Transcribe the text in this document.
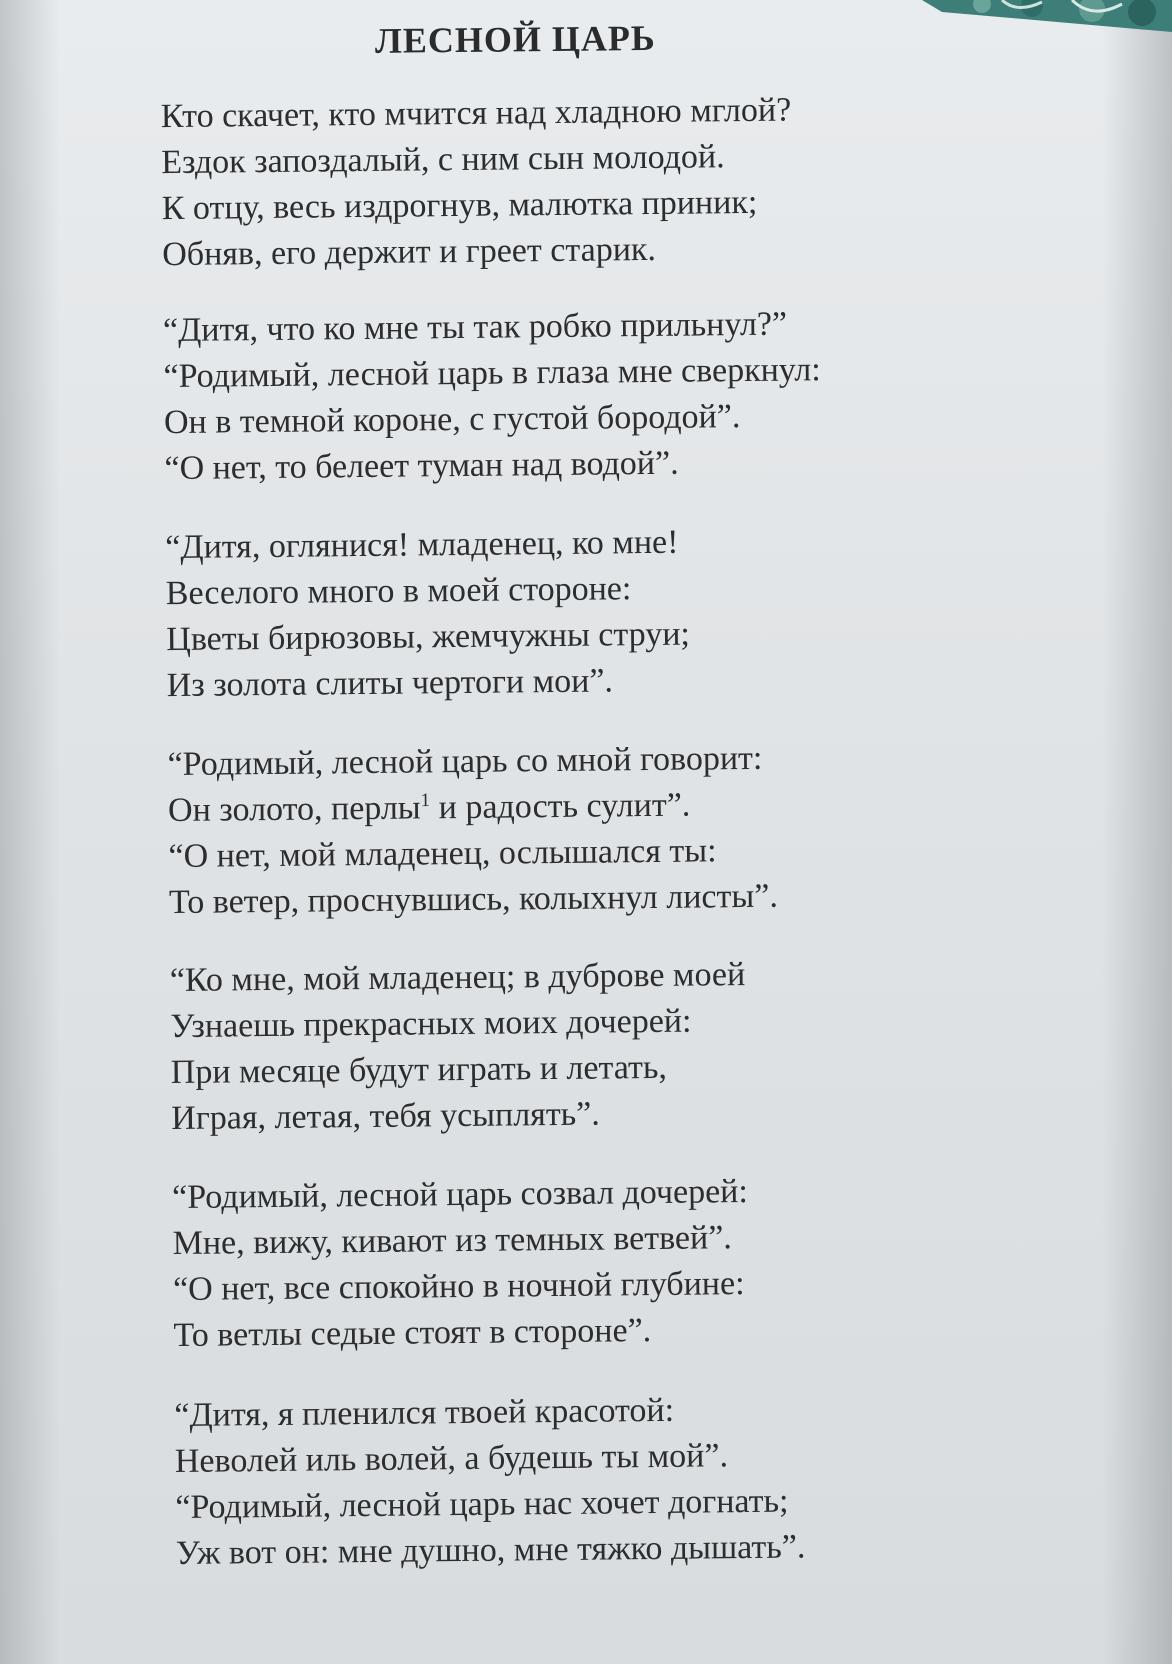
ЛЕСНОЙ ЦАРЬ
Кто скачет, кто мчится над хладною мглой?
Ездок запоздалый, с ним сын молодой.
К отцу, весь издрогнув, малютка приник;
Обняв, его держит и греет старик.
“Дитя, что ко мне ты так робко прильнул?”
“Родимый, лесной царь в глаза мне сверкнул:
Он в темной короне, с густой бородой”.
“О нет, то белеет туман над водой”.
“Дитя, оглянися! младенец, ко мне!
Веселого много в моей стороне:
Цветы бирюзовы, жемчужны струи;
Из золота слиты чертоги мои”.
“Родимый, лесной царь со мной говорит:
Он золото, перлы$^1$ и радость сулит”.
“О нет, мой младенец, ослышался ты:
То ветер, проснувшись, колыхнул листы”.
“Ко мне, мой младенец; в дуброве моей
Узнаешь прекрасных моих дочерей:
При месяце будут играть и летать,
Играя, летая, тебя усыплять”.
“Родимый, лесной царь созвал дочерей:
Мне, вижу, кивают из темных ветвей”.
“О нет, все спокойно в ночной глубине:
То ветлы седые стоят в стороне”.
“Дитя, я пленился твоей красотой:
Неволей иль волей, а будешь ты мой”.
“Родимый, лесной царь нас хочет догнать;
Уж вот он: мне душно, мне тяжко дышать”.
